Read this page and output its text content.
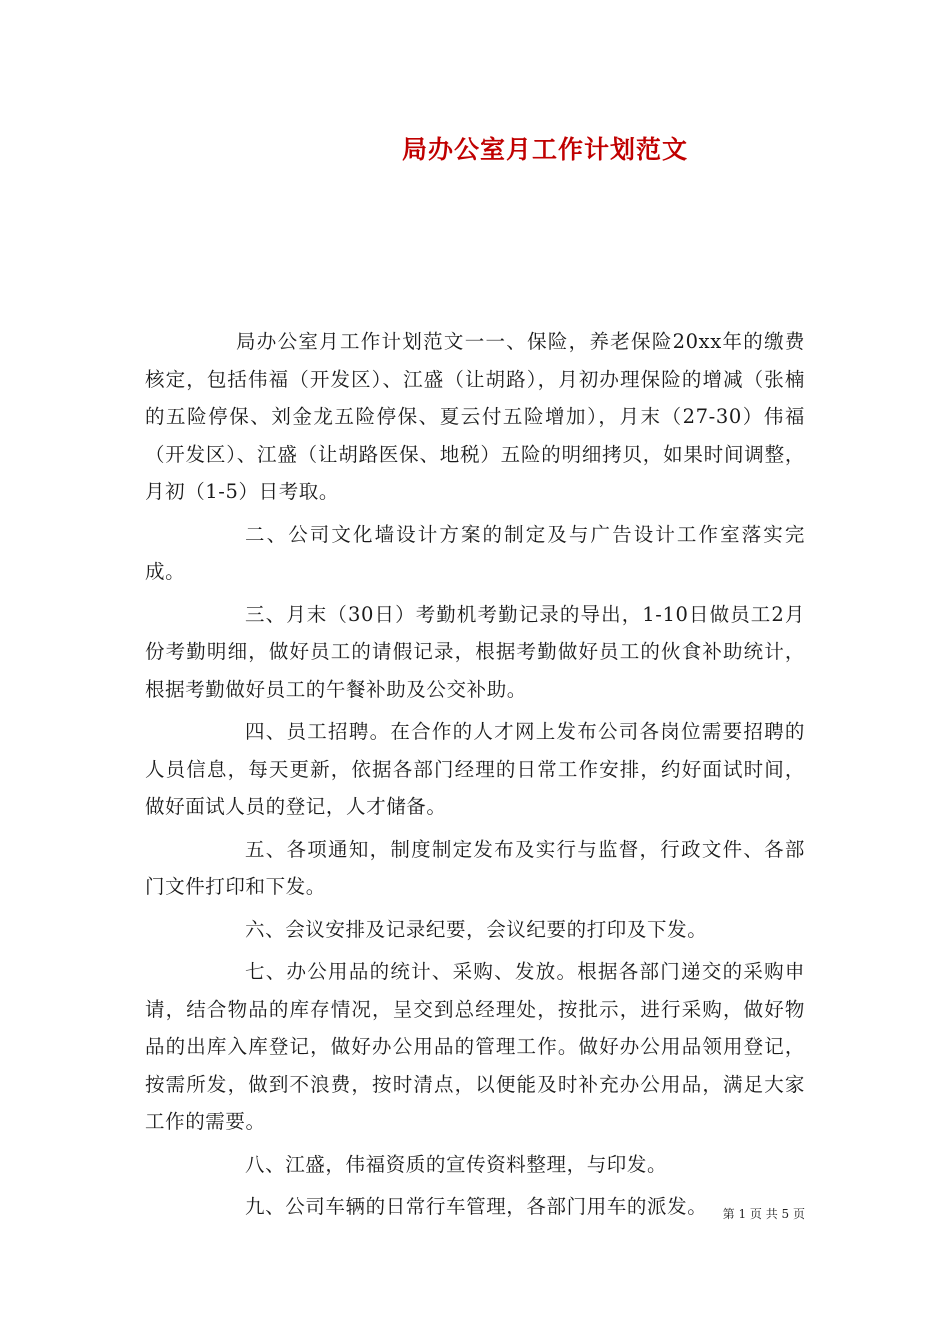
局办公室月工作计划范文

局办公室月工作计划范文一一、保险，养老保险20xx年的缴费核定，包括伟福（开发区）、江盛（让胡路），月初办理保险的增减（张楠的五险停保、刘金龙五险停保、夏云付五险增加），月末（27-30）伟福（开发区）、江盛（让胡路医保、地税）五险的明细拷贝，如果时间调整，月初（1-5）日考取。

二、公司文化墙设计方案的制定及与广告设计工作室落实完成。

三、月末（30日）考勤机考勤记录的导出，1-10日做员工2月份考勤明细，做好员工的请假记录，根据考勤做好员工的伙食补助统计，根据考勤做好员工的午餐补助及公交补助。

四、员工招聘。在合作的人才网上发布公司各岗位需要招聘的人员信息，每天更新，依据各部门经理的日常工作安排，约好面试时间，做好面试人员的登记，人才储备。

五、各项通知，制度制定发布及实行与监督，行政文件、各部门文件打印和下发。

六、会议安排及记录纪要，会议纪要的打印及下发。

七、办公用品的统计、采购、发放。根据各部门递交的采购申请，结合物品的库存情况，呈交到总经理处，按批示，进行采购，做好物品的出库入库登记，做好办公用品的管理工作。做好办公用品领用登记，按需所发，做到不浪费，按时清点，以便能及时补充办公用品，满足大家工作的需要。

八、江盛，伟福资质的宣传资料整理，与印发。

九、公司车辆的日常行车管理，各部门用车的派发。	第 1 页 共 5 页
